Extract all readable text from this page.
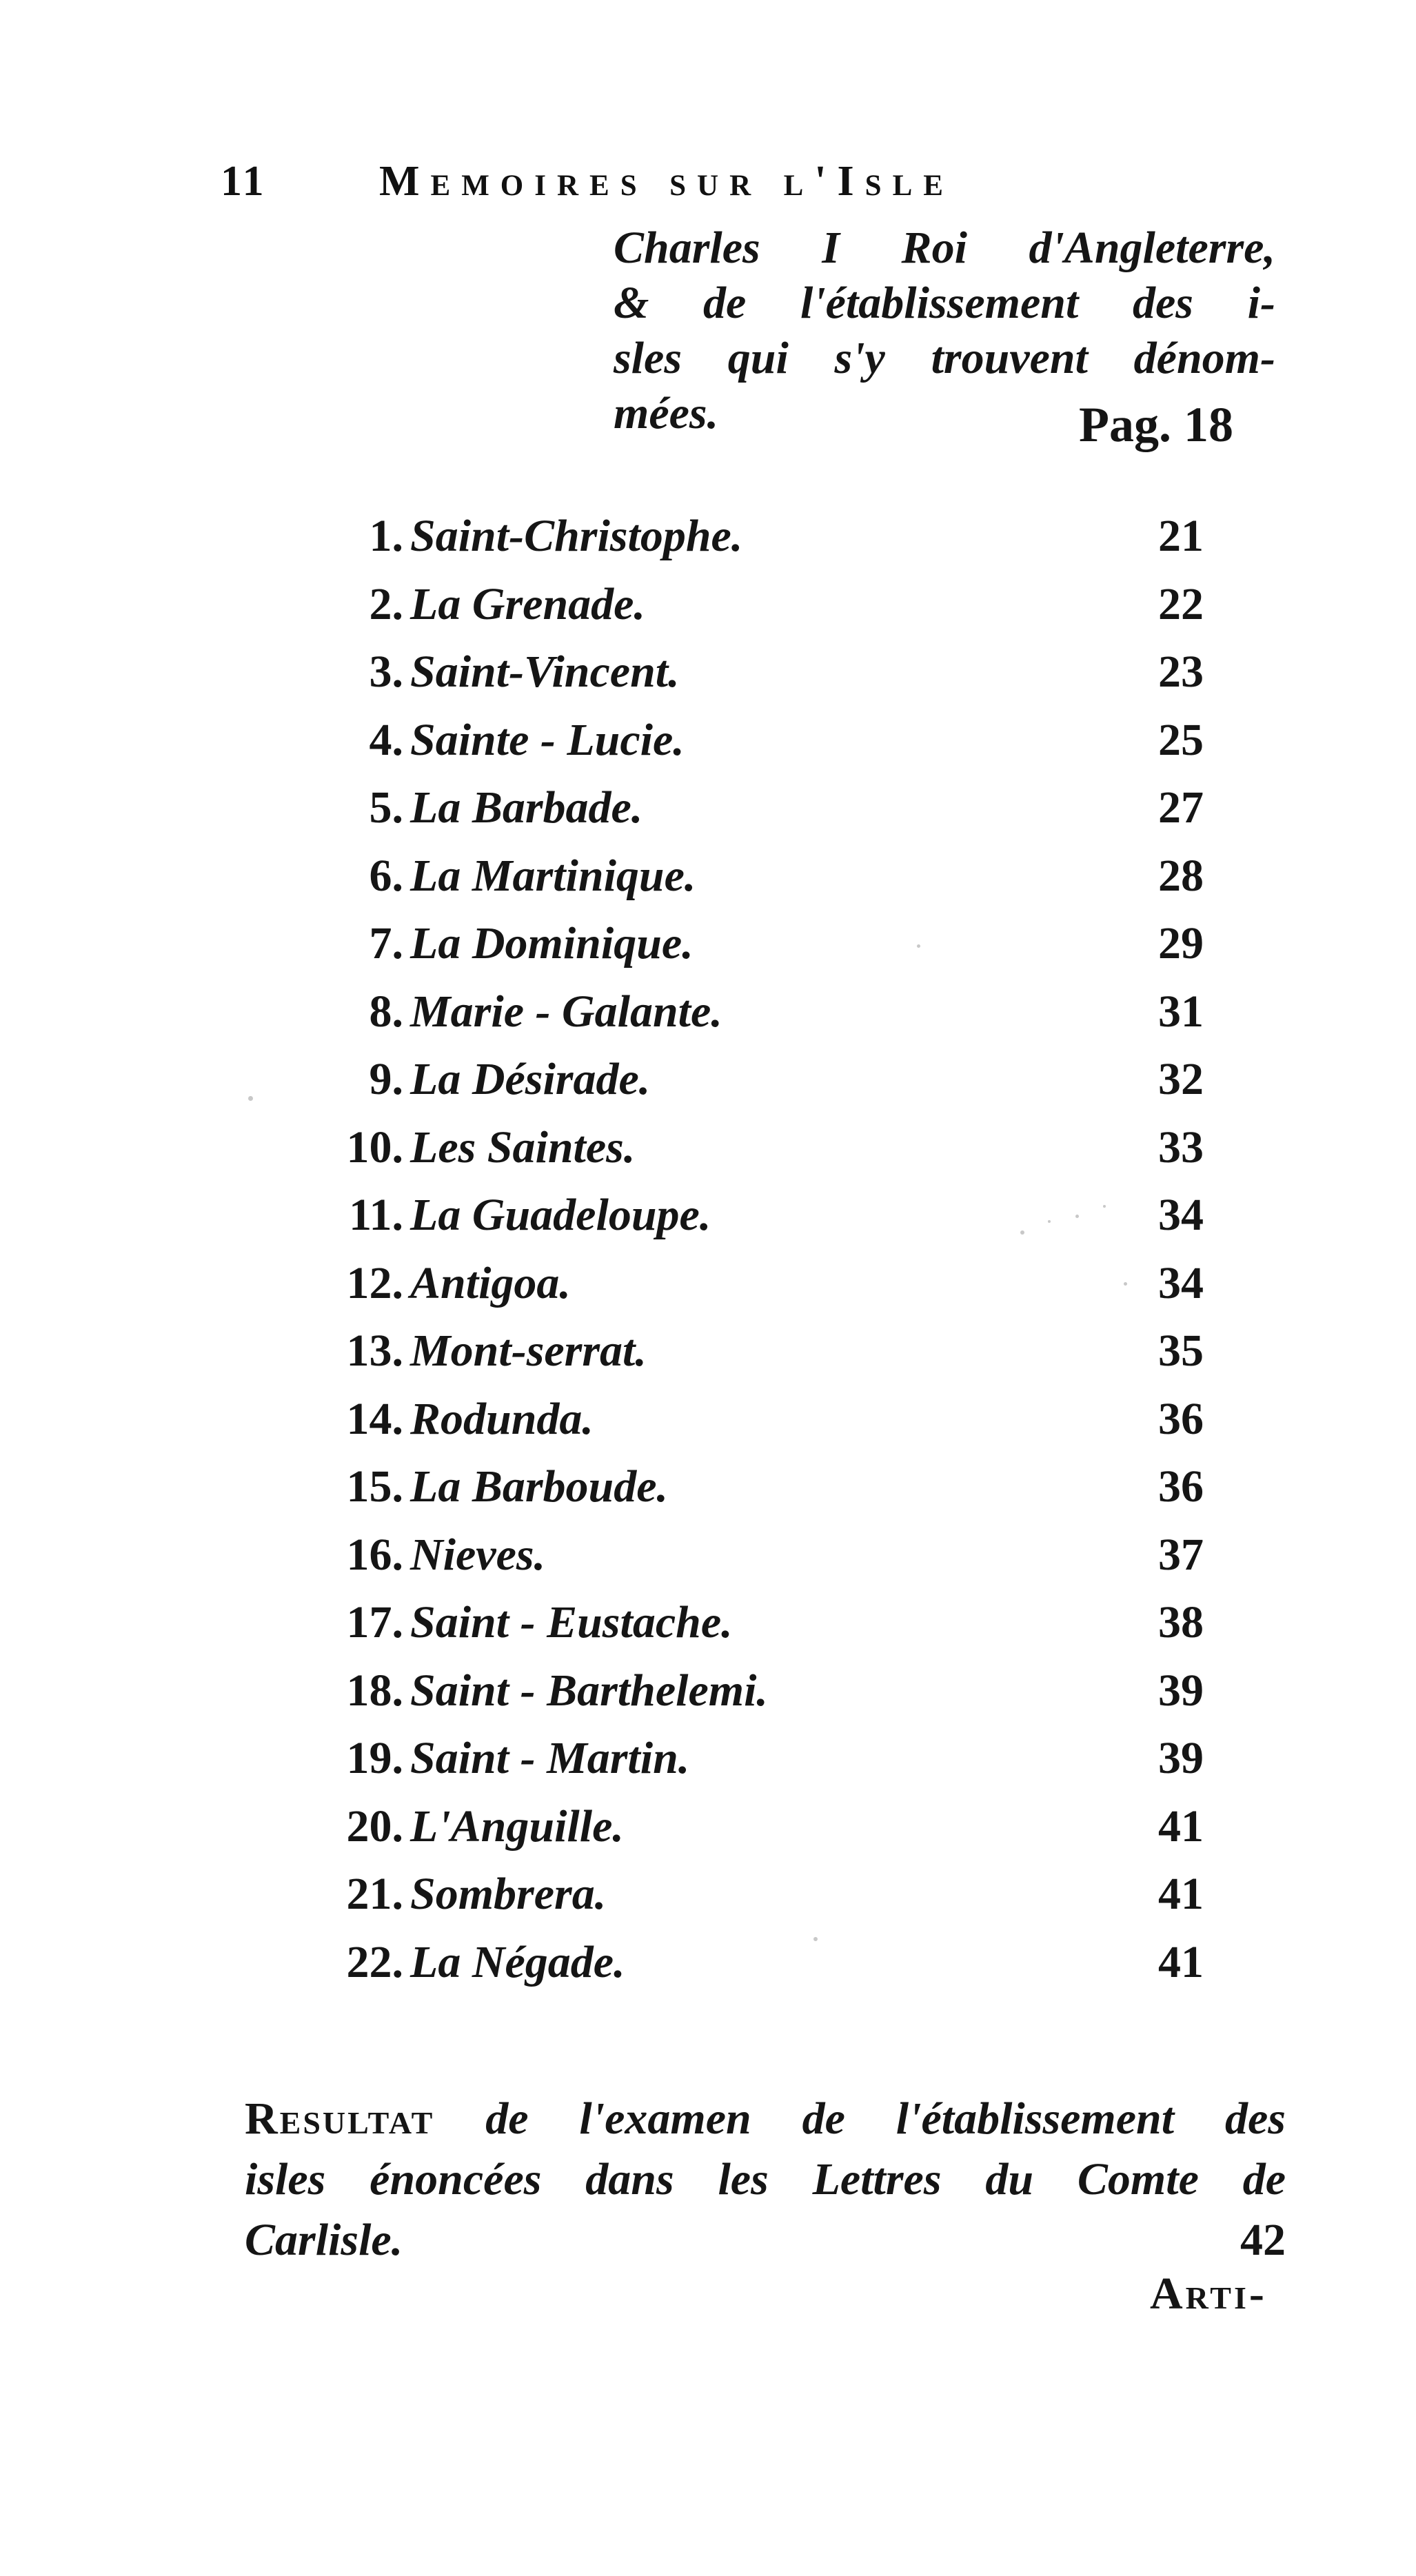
11	Memoires sur l'Isle
Charles I Roi d'Angleterre,
& de l'établissement des i-
sles qui s'y trouvent dénom-
mées.	Pag. 18
1. Saint-Christophe.	21
2. La Grenade.	22
3. Saint-Vincent.	23
4. Sainte - Lucie.	25
5. La Barbade.	27
6. La Martinique.	28
7. La Dominique.	29
8. Marie - Galante.	31
9. La Désirade.	32
10. Les Saintes.	33
11. La Guadeloupe.	34
12. Antigoa.	34
13. Mont-serrat.	35
14. Rodunda.	36
15. La Barboude.	36
16. Nieves.	37
17. Saint - Eustache.	38
18. Saint - Barthelemi.	39
19. Saint - Martin.	39
20. L'Anguille.	41
21. Sombrera.	41
22. La Négade.	41
Resultat de l'examen de l'établissement des
isles énoncées dans les Lettres du Comte de
Carlisle.	42
Arti-
